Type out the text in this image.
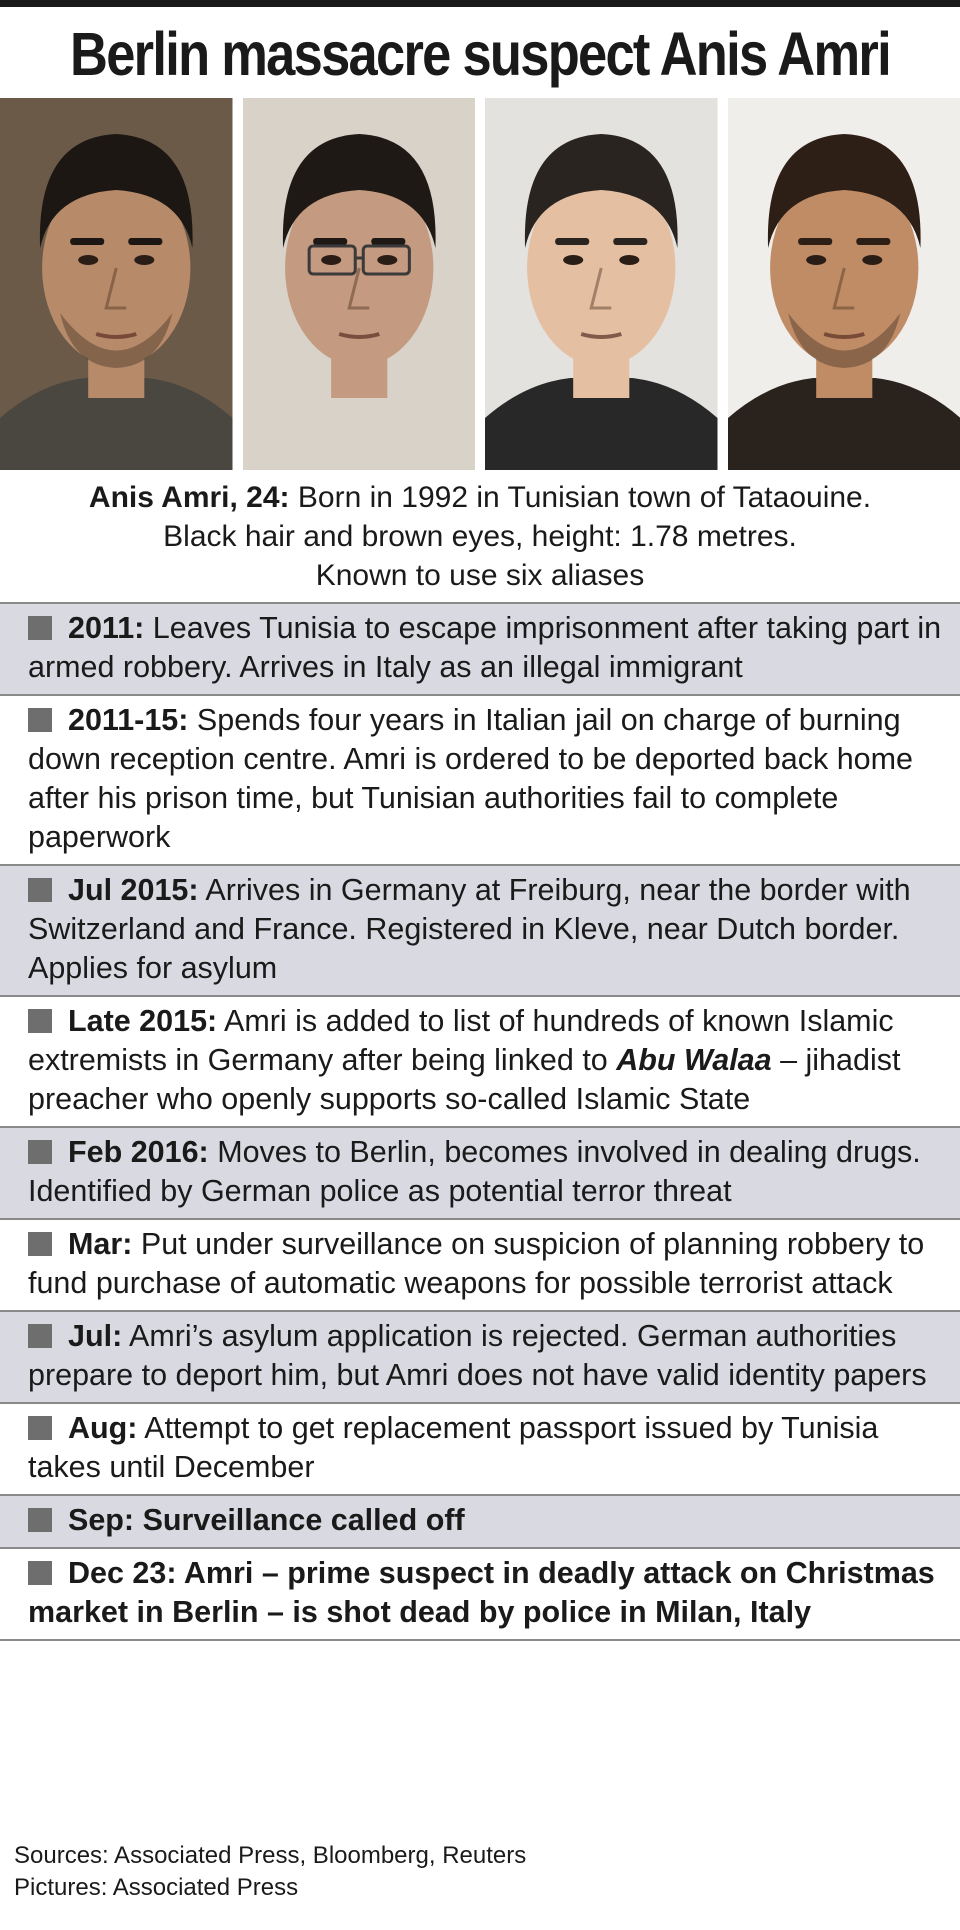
Berlin massacre suspect Anis Amri
Anis Amri, 24: Born in 1992 in Tunisian town of Tataouine.
Black hair and brown eyes, height: 1.78 metres.
Known to use six aliases
2011: Leaves Tunisia to escape imprisonment after taking part in armed robbery. Arrives in Italy as an illegal immigrant
2011-15: Spends four years in Italian jail on charge of burning down reception centre. Amri is ordered to be deported back home after his prison time, but Tunisian authorities fail to complete paperwork
Jul 2015: Arrives in Germany at Freiburg, near the border with Switzerland and France. Registered in Kleve, near Dutch border. Applies for asylum
Late 2015: Amri is added to list of hundreds of known Islamic extremists in Germany after being linked to Abu Walaa – jihadist preacher who openly supports so-called Islamic State
Feb 2016: Moves to Berlin, becomes involved in dealing drugs. Identified by German police as potential terror threat
Mar: Put under surveillance on suspicion of planning robbery to fund purchase of automatic weapons for possible terrorist attack
Jul: Amri’s asylum application is rejected. German authorities prepare to deport him, but Amri does not have valid identity papers
Aug: Attempt to get replacement passport issued by Tunisia takes until December
Sep: Surveillance called off
Dec 23: Amri – prime suspect in deadly attack on Christmas market in Berlin – is shot dead by police in Milan, Italy
Sources: Associated Press, Bloomberg, Reuters
Pictures: Associated Press
